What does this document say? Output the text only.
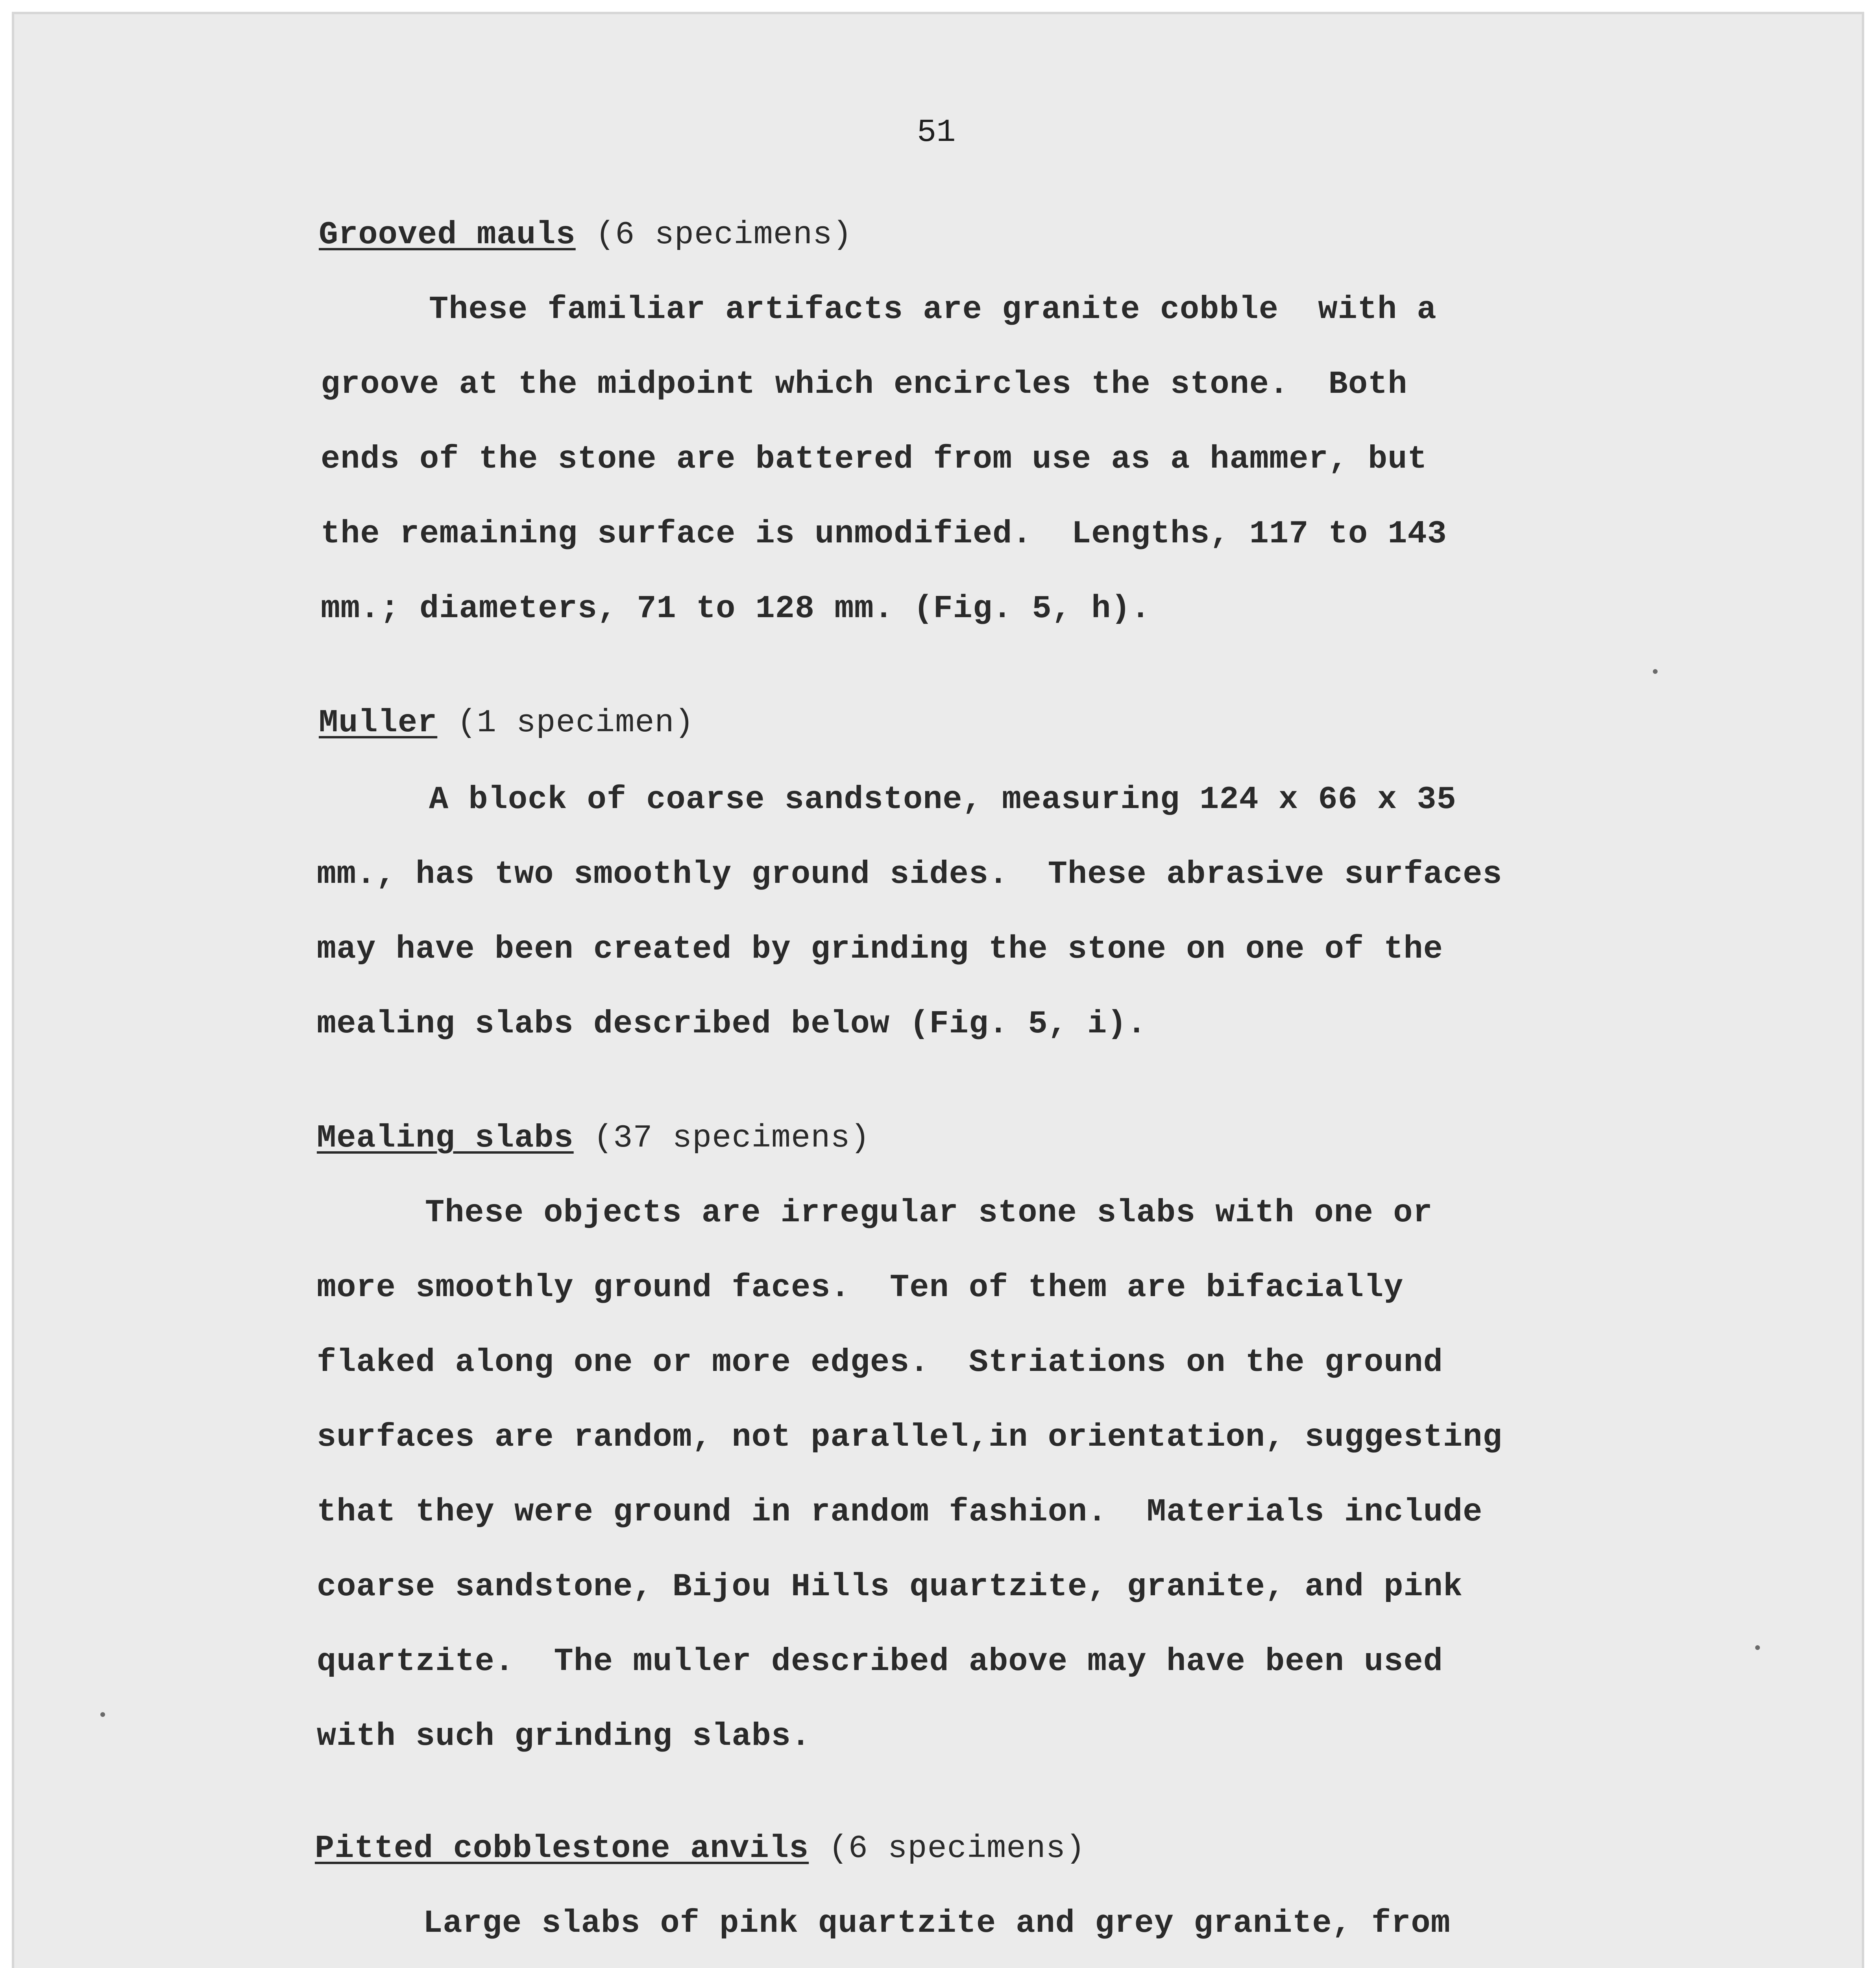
51
Grooved mauls (6 specimens)
These familiar artifacts are granite cobble  with a
groove at the midpoint which encircles the stone.  Both
ends of the stone are battered from use as a hammer, but
the remaining surface is unmodified.  Lengths, 117 to 143
mm.; diameters, 71 to 128 mm. (Fig. 5, h).
Muller (1 specimen)
A block of coarse sandstone, measuring 124 x 66 x 35
mm., has two smoothly ground sides.  These abrasive surfaces
may have been created by grinding the stone on one of the
mealing slabs described below (Fig. 5, i).
Mealing slabs (37 specimens)
These objects are irregular stone slabs with one or
more smoothly ground faces.  Ten of them are bifacially
flaked along one or more edges.  Striations on the ground
surfaces are random, not parallel,in orientation, suggesting
that they were ground in random fashion.  Materials include
coarse sandstone, Bijou Hills quartzite, granite, and pink
quartzite.  The muller described above may have been used
with such grinding slabs.
Pitted cobblestone anvils (6 specimens)
Large slabs of pink quartzite and grey granite, from
